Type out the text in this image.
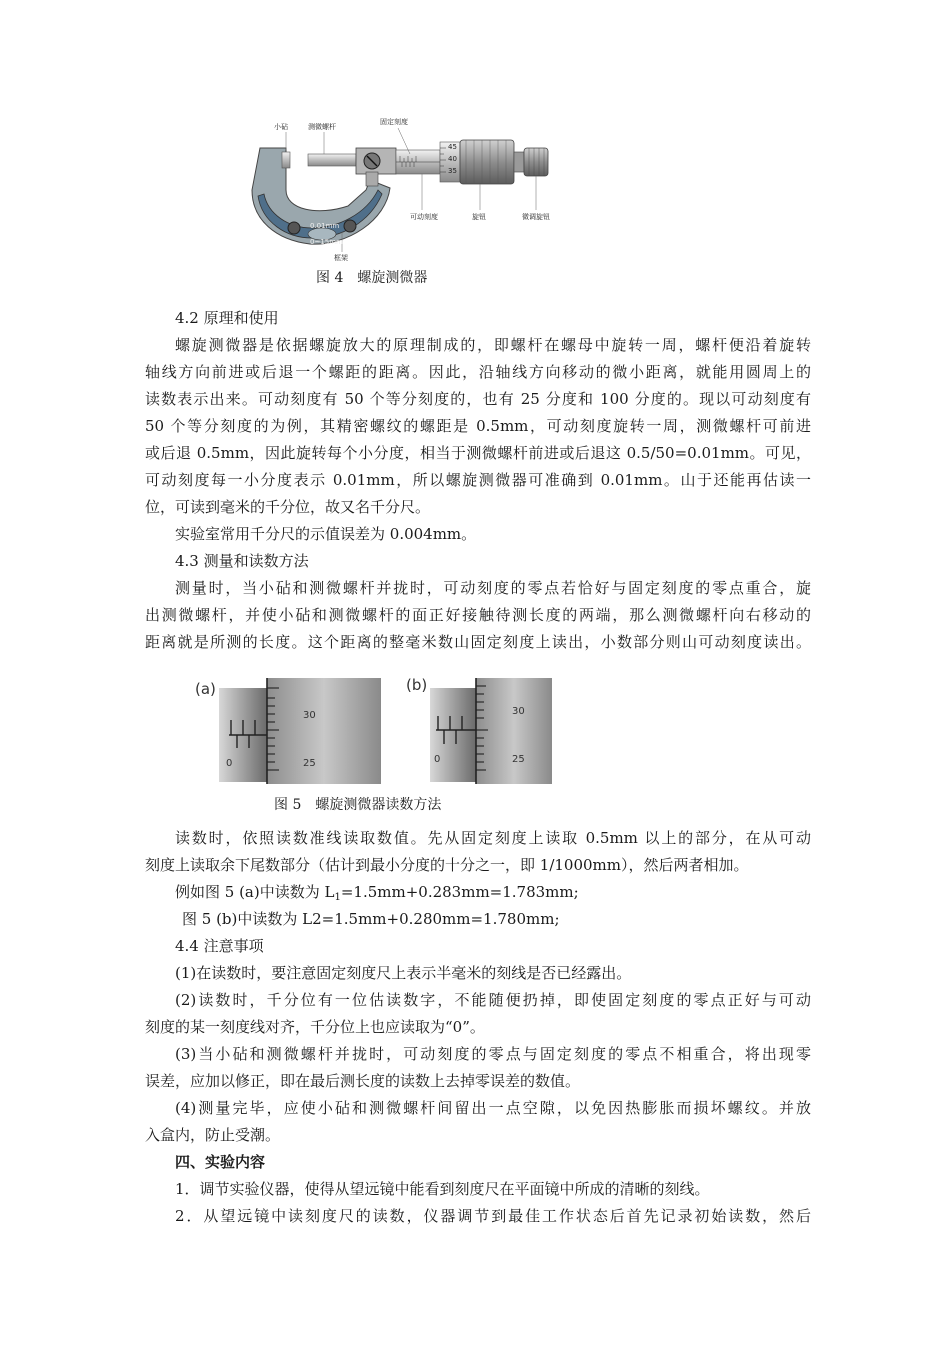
小砧	测微螺杆
固定刻度
45
40
35
可动刻度	旋钮	微调旋钮
0.01mm
0~15mm
框架
图 4 螺旋测微器
4.2 原理和使用
螺旋测微器是依据螺旋放大的原理制成的，即螺杆在螺母中旋转一周，螺杆便沿着旋转
轴线方向前进或后退一个螺距的距离。因此，沿轴线方向移动的微小距离，就能用圆周上的
读数表示出来。可动刻度有 50 个等分刻度的，也有 25 分度和 100 分度的。现以可动刻度有
50 个等分刻度的为例，其精密螺纹的螺距是 0.5mm，可动刻度旋转一周，测微螺杆可前进
或后退 0.5mm，因此旋转每个小分度，相当于测微螺杆前进或后退这 0.5/50=0.01mm。可见，
可动刻度每一小分度表示 0.01mm，所以螺旋测微器可准确到 0.01mm。山于还能再估读一
位，可读到毫米的千分位，故又名千分尺。
实验室常用千分尺的示值误差为 0.004mm。
4.3 测量和读数方法
测量时，当小砧和测微螺杆并拢时，可动刻度的零点若恰好与固定刻度的零点重合，旋
出测微螺杆，并使小砧和测微螺杆的面正好接触待测长度的两端，那么测微螺杆向右移动的
距离就是所测的长度。这个距离的整毫米数山固定刻度上读出，小数部分则山可动刻度读出。
(a)
0
30
25
(b)
0
30
25
图 5 螺旋测微器读数方法
读数时，依照读数准线读取数值。先从固定刻度上读取 0.5mm 以上的部分，在从可动
刻度上读取余下尾数部分（估计到最小分度的十分之一，即 1/1000mm），然后两者相加。
例如图 5 (a)中读数为 $L_1=1.5mm+0.283mm=1.783mm$;
图 5 (b)中读数为 L2=1.5mm+0.280mm=1.780mm;
4.4 注意事项
(1)在读数时，要注意固定刻度尺上表示半毫米的刻线是否已经露出。
(2)读数时，千分位有一位估读数字，不能随便扔掉，即使固定刻度的零点正好与可动
刻度的某一刻度线对齐，千分位上也应读取为“0”。
(3)当小砧和测微螺杆并拢时，可动刻度的零点与固定刻度的零点不相重合，将出现零
误差，应加以修正，即在最后测长度的读数上去掉零误差的数值。
(4)测量完毕，应使小砧和测微螺杆间留出一点空隙，以免因热膨胀而损坏螺纹。并放
入盒内，防止受潮。
四、实验内容
1．调节实验仪器，使得从望远镜中能看到刻度尺在平面镜中所成的清晰的刻线。
2．从望远镜中读刻度尺的读数，仪器调节到最佳工作状态后首先记录初始读数，然后
